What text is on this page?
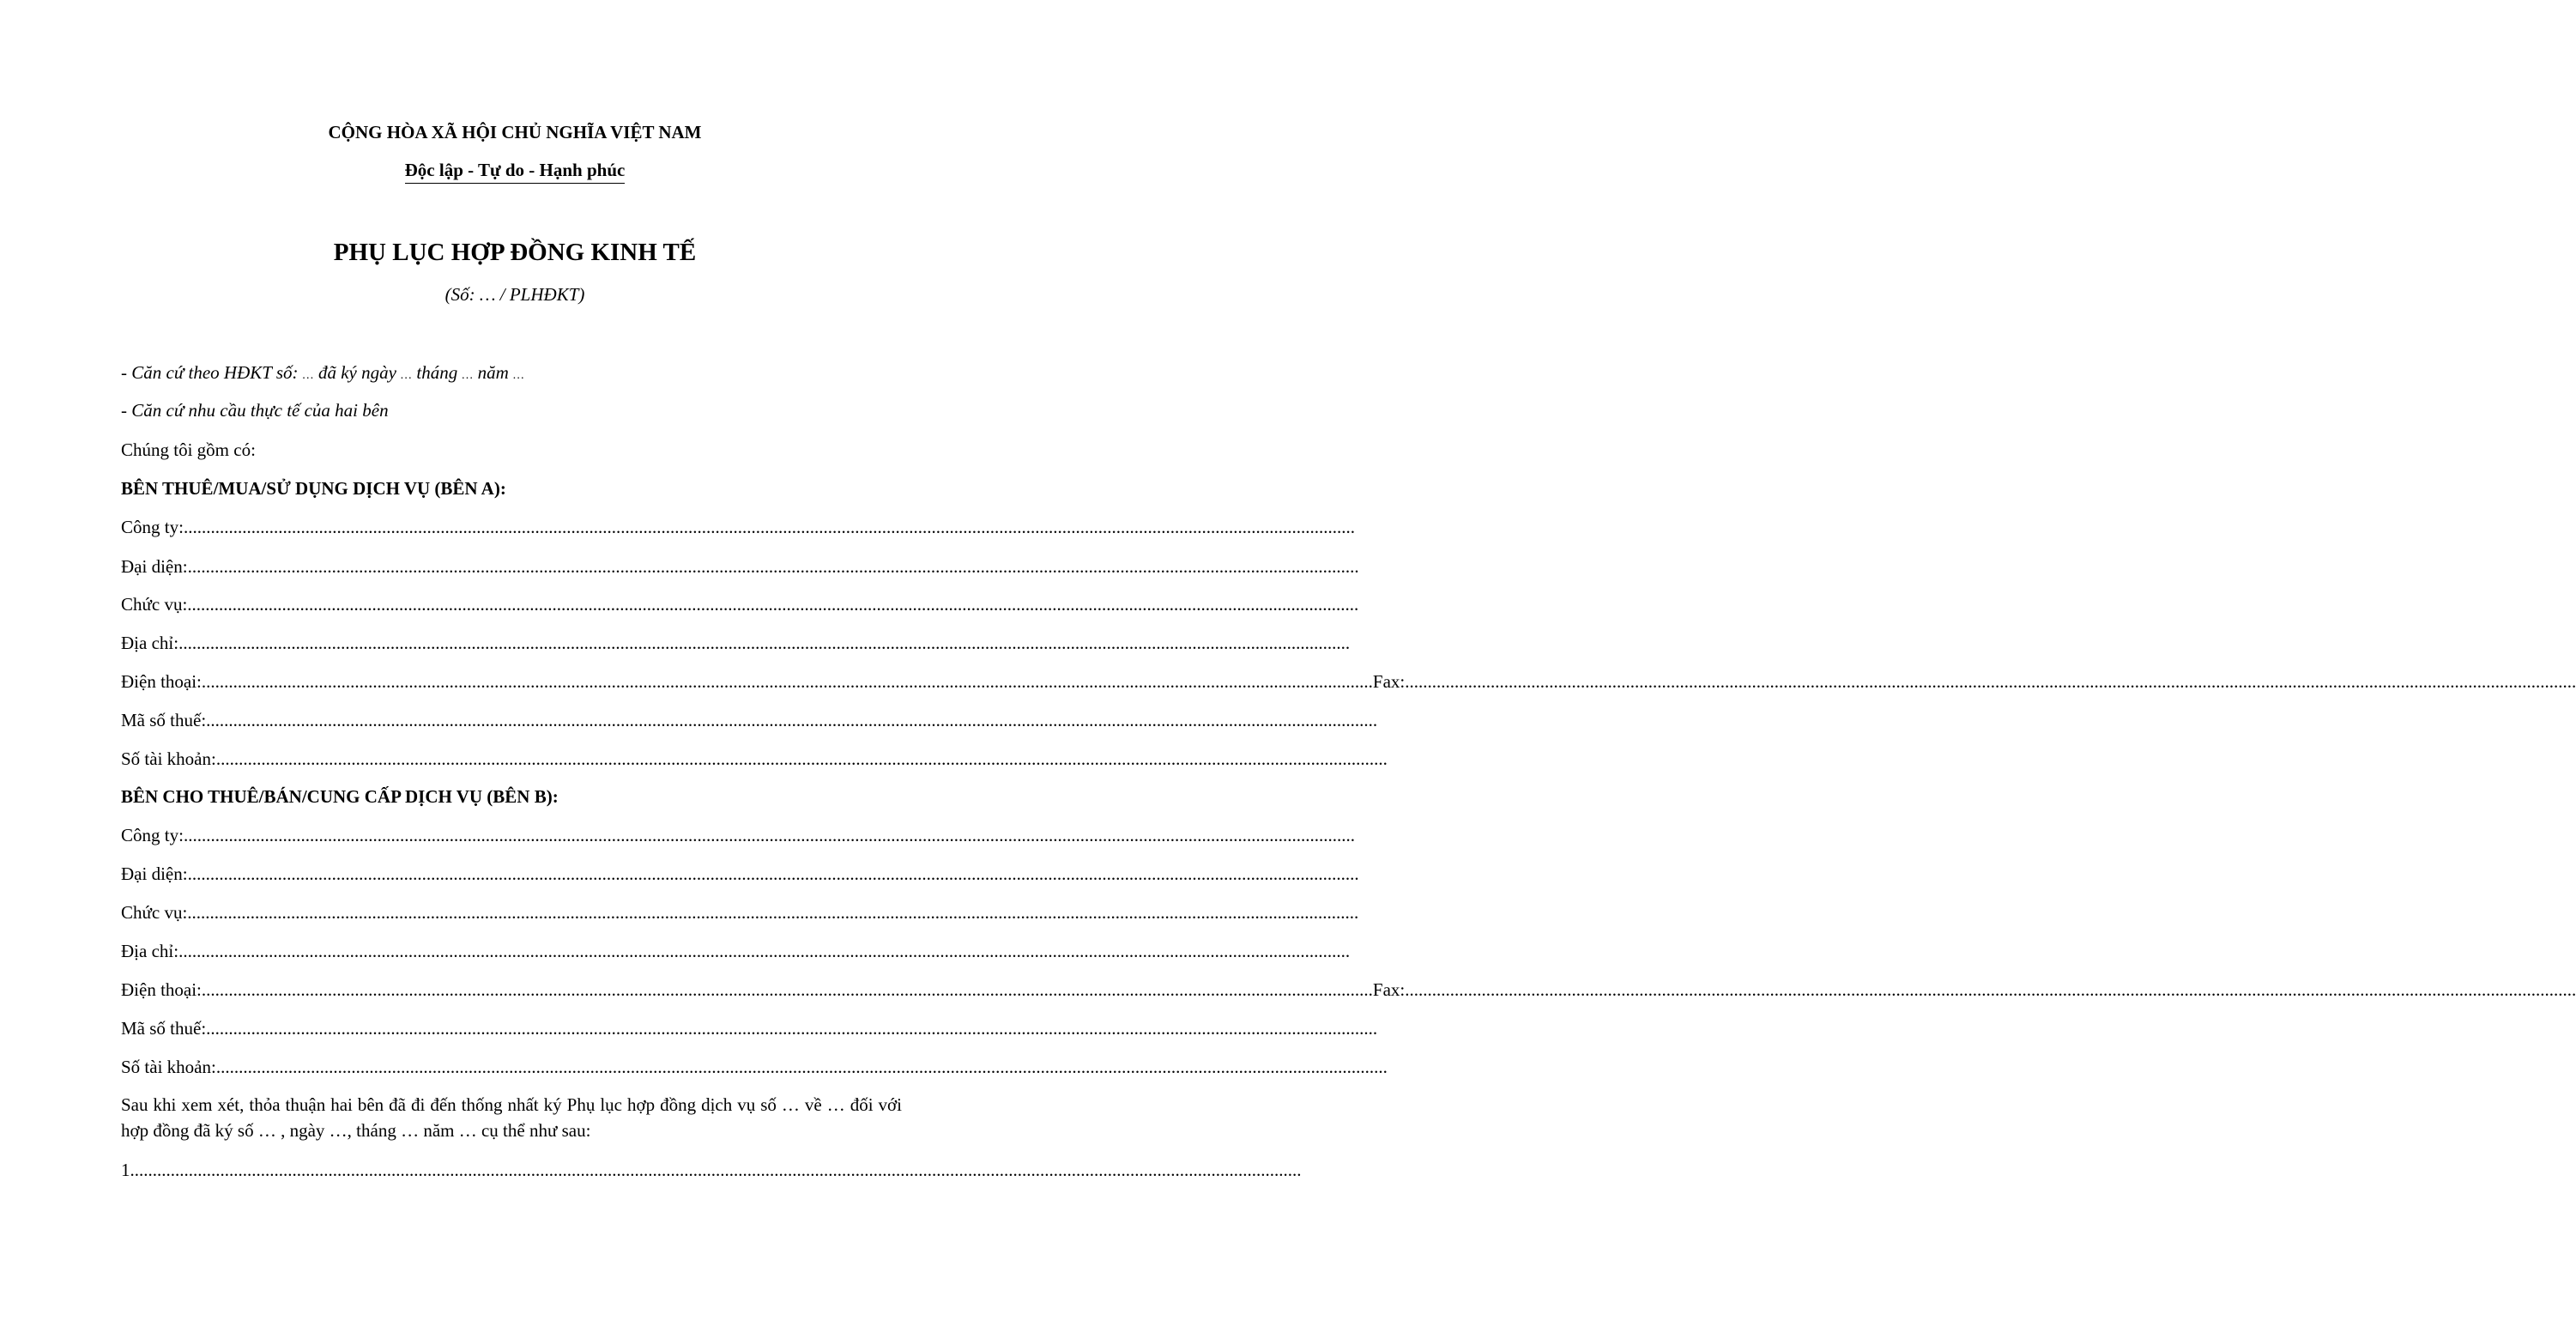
CỘNG HÒA XÃ HỘI CHỦ NGHĨA VIỆT NAM
Độc lập - Tự do - Hạnh phúc
PHỤ LỤC HỢP ĐỒNG KINH TẾ
(Số: … / PLHĐKT)
- Căn cứ theo HĐKT số: … đã ký ngày … tháng … năm …
- Căn cứ nhu cầu thực tế của hai bên
Chúng tôi gồm có:
BÊN THUÊ/MUA/SỬ DỤNG DỊCH VỤ (BÊN A):
Công ty: ....................................................................................................................................................................................................................................................................
Đại diện: ....................................................................................................................................................................................................................................................................
Chức vụ: ....................................................................................................................................................................................................................................................................
Địa chỉ: ....................................................................................................................................................................................................................................................................
Điện thoại: .................................................................................................................................................................................................................................................................... Fax: ....................................................................................................................................................................................................................................................................
Mã số thuế: ....................................................................................................................................................................................................................................................................
Số tài khoản: ....................................................................................................................................................................................................................................................................
BÊN CHO THUÊ/BÁN/CUNG CẤP DỊCH VỤ (BÊN B):
Công ty: ....................................................................................................................................................................................................................................................................
Đại diện: ....................................................................................................................................................................................................................................................................
Chức vụ: ....................................................................................................................................................................................................................................................................
Địa chỉ: ....................................................................................................................................................................................................................................................................
Điện thoại: .................................................................................................................................................................................................................................................................... Fax: ....................................................................................................................................................................................................................................................................
Mã số thuế: ....................................................................................................................................................................................................................................................................
Số tài khoản: ....................................................................................................................................................................................................................................................................
Sau khi xem xét, thỏa thuận hai bên đã đi đến thống nhất ký Phụ lục hợp đồng dịch vụ số … về … đối với hợp đồng đã ký số … , ngày …, tháng … năm … cụ thể như sau:
1 ....................................................................................................................................................................................................................................................................
